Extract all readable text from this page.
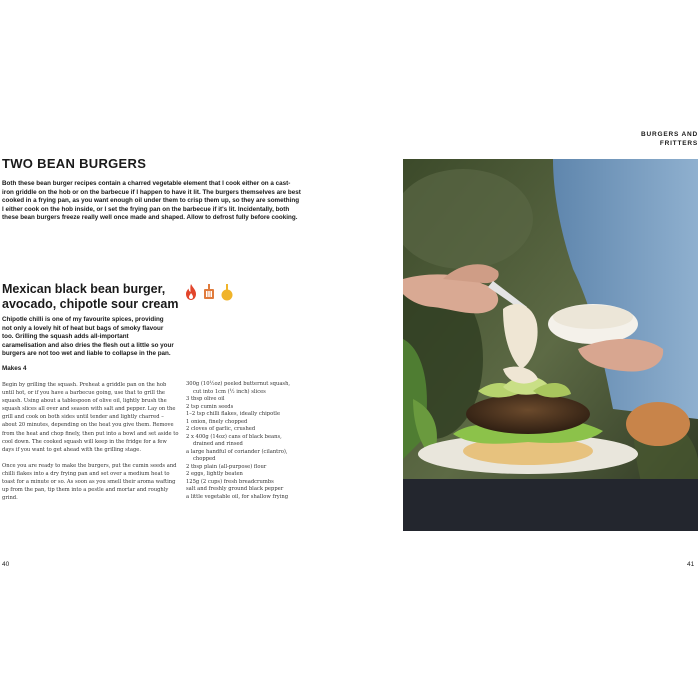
BURGERS AND
FRITTERS
TWO BEAN BURGERS
Both these bean burger recipes contain a charred vegetable element that I cook either on a cast-iron griddle on the hob or on the barbecue if I happen to have it lit. The burgers themselves are best cooked in a frying pan, as you want enough oil under them to crisp them up, so they are something I either cook on the hob inside, or I set the frying pan on the barbecue if it's lit. Incidentally, both these bean burgers freeze really well once made and shaped. Allow to defrost fully before cooking.
Mexican black bean burger,
avocado, chipotle sour cream
Chipotle chilli is one of my favourite spices, providing not only a lovely hit of heat but bags of smoky flavour too. Grilling the squash adds all-important caramelisation and also dries the flesh out a little so your burgers are not too wet and liable to collapse in the pan.
Makes 4

Begin by grilling the squash. Preheat a griddle pan on the hob until hot, or if you have a barbecue going, use that to grill the squash. Using about a tablespoon of olive oil, lightly brush the squash slices all over and season with salt and pepper. Lay on the grill and cook on both sides until tender and lightly charred – about 20 minutes, depending on the heat you give them. Remove from the heat and chop finely, then put into a bowl and set aside to cool down. The cooked squash will keep in the fridge for a few days if you want to get ahead with the grilling stage.

Once you are ready to make the burgers, put the cumin seeds and chilli flakes into a dry frying pan and set over a medium heat to toast for a minute or so. As soon as you smell their aroma wafting up from the pan, tip them into a pestle and mortar and roughly grind.

300g (10½oz) peeled butternut squash, cut into 1cm (½ inch) slices
3 tbsp olive oil
2 tsp cumin seeds
1–2 tsp chilli flakes, ideally chipotle
1 onion, finely chopped
2 cloves of garlic, crushed
2 x 400g (14oz) cans of black beans, drained and rinsed
a large handful of coriander (cilantro), chopped
2 tbsp plain (all-purpose) flour
2 eggs, lightly beaten
125g (2 cups) fresh breadcrumbs
salt and freshly ground black pepper
a little vegetable oil, for shallow frying
40	41
